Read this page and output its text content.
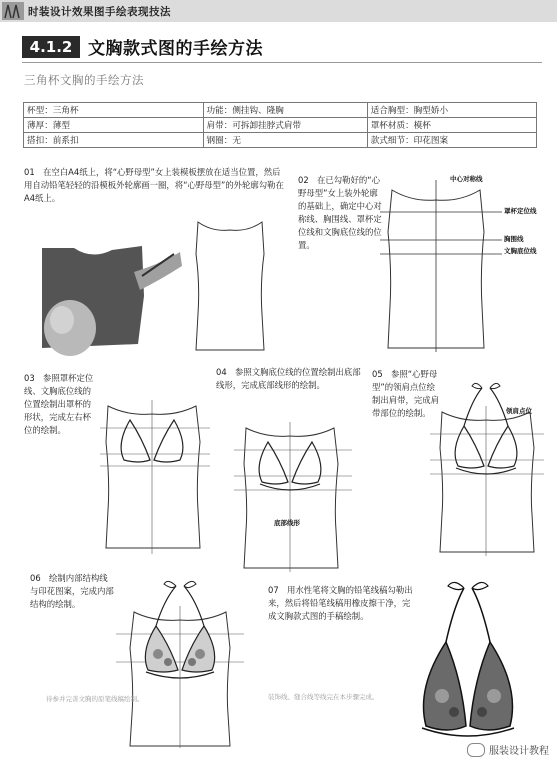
时装设计效果图手绘表现技法
4.1.2 文胸款式图的手绘方法
三角杯文胸的手绘方法
杯型：三角杯	功能：侧挂钩、隆胸	适合胸型：胸型娇小
薄厚：薄型	肩带：可拆卸挂脖式肩带	罩杯材质：模杯
搭扣：前系扣	钢圈：无	款式细节：印花图案
01　在空白A4纸上，将“心野母型”女上装模板摆放在适当位置，然后用自动铅笔轻轻的沿模板外轮廓画一圈，将“心野母型”的外轮廓勾勒在A4纸上。
02　在已勾勒好的“心野母型”女上装外轮廓的基础上，确定中心对称线、胸围线、罩杯定位线和文胸底位线的位置。
中心对称线
罩杯定位线
胸围线
文胸底位线
03　参照罩杯定位线、文胸底位线的位置绘制出罩杯的形状，完成左右杯位的绘制。
04　参照文胸底位线的位置绘制出底部线形，完成底部线形的绘制。
底部线形
05　参照“心野母型”的领肩点位绘制出肩带，完成肩带部位的绘制。	领肩点位
06　绘制内部结构线与印花图案，完成内部结构的绘制。
待参并完善文胸的原笔线稿绘制。
07　用水性笔将文胸的铅笔线稿勾勒出来，然后将铅笔线稿用橡皮擦干净，完成文胸款式图的手稿绘制。
装饰线、缝合线等线完在本步骤完成。
服装设计教程
